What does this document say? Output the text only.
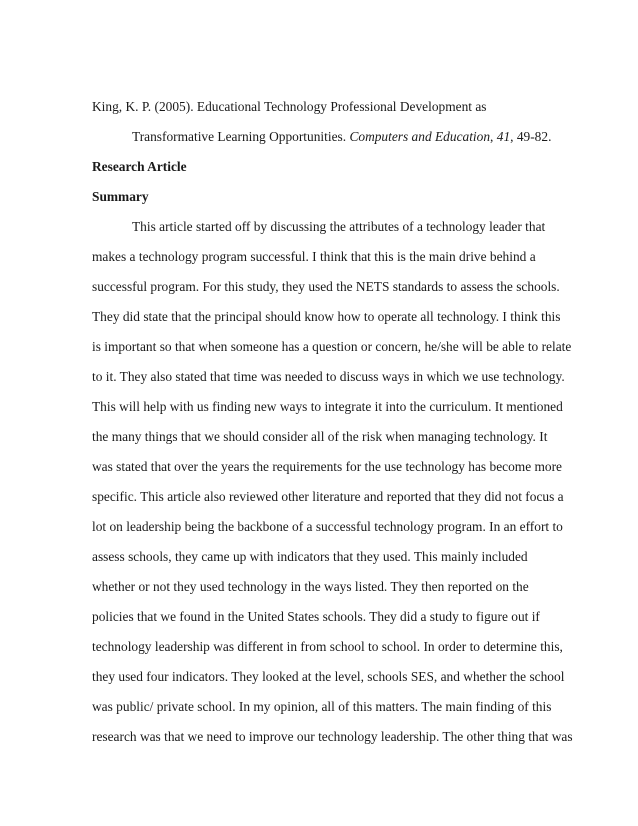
King, K. P. (2005). Educational Technology Professional Development as
Transformative Learning Opportunities. Computers and Education, 41, 49-82.
Research Article
Summary
This article started off by discussing the attributes of a technology leader that
makes a technology program successful. I think that this is the main drive behind a
successful program. For this study, they used the NETS standards to assess the schools.
They did state that the principal should know how to operate all technology. I think this
is important so that when someone has a question or concern, he/she will be able to relate
to it. They also stated that time was needed to discuss ways in which we use technology.
This will help with us finding new ways to integrate it into the curriculum. It mentioned
the many things that we should consider all of the risk when managing technology. It
was stated that over the years the requirements for the use technology has become more
specific. This article also reviewed other literature and reported that they did not focus a
lot on leadership being the backbone of a successful technology program. In an effort to
assess schools, they came up with indicators that they used. This mainly included
whether or not they used technology in the ways listed. They then reported on the
policies that we found in the United States schools. They did a study to figure out if
technology leadership was different in from school to school. In order to determine this,
they used four indicators. They looked at the level, schools SES, and whether the school
was public/ private school. In my opinion, all of this matters. The main finding of this
research was that we need to improve our technology leadership. The other thing that was
